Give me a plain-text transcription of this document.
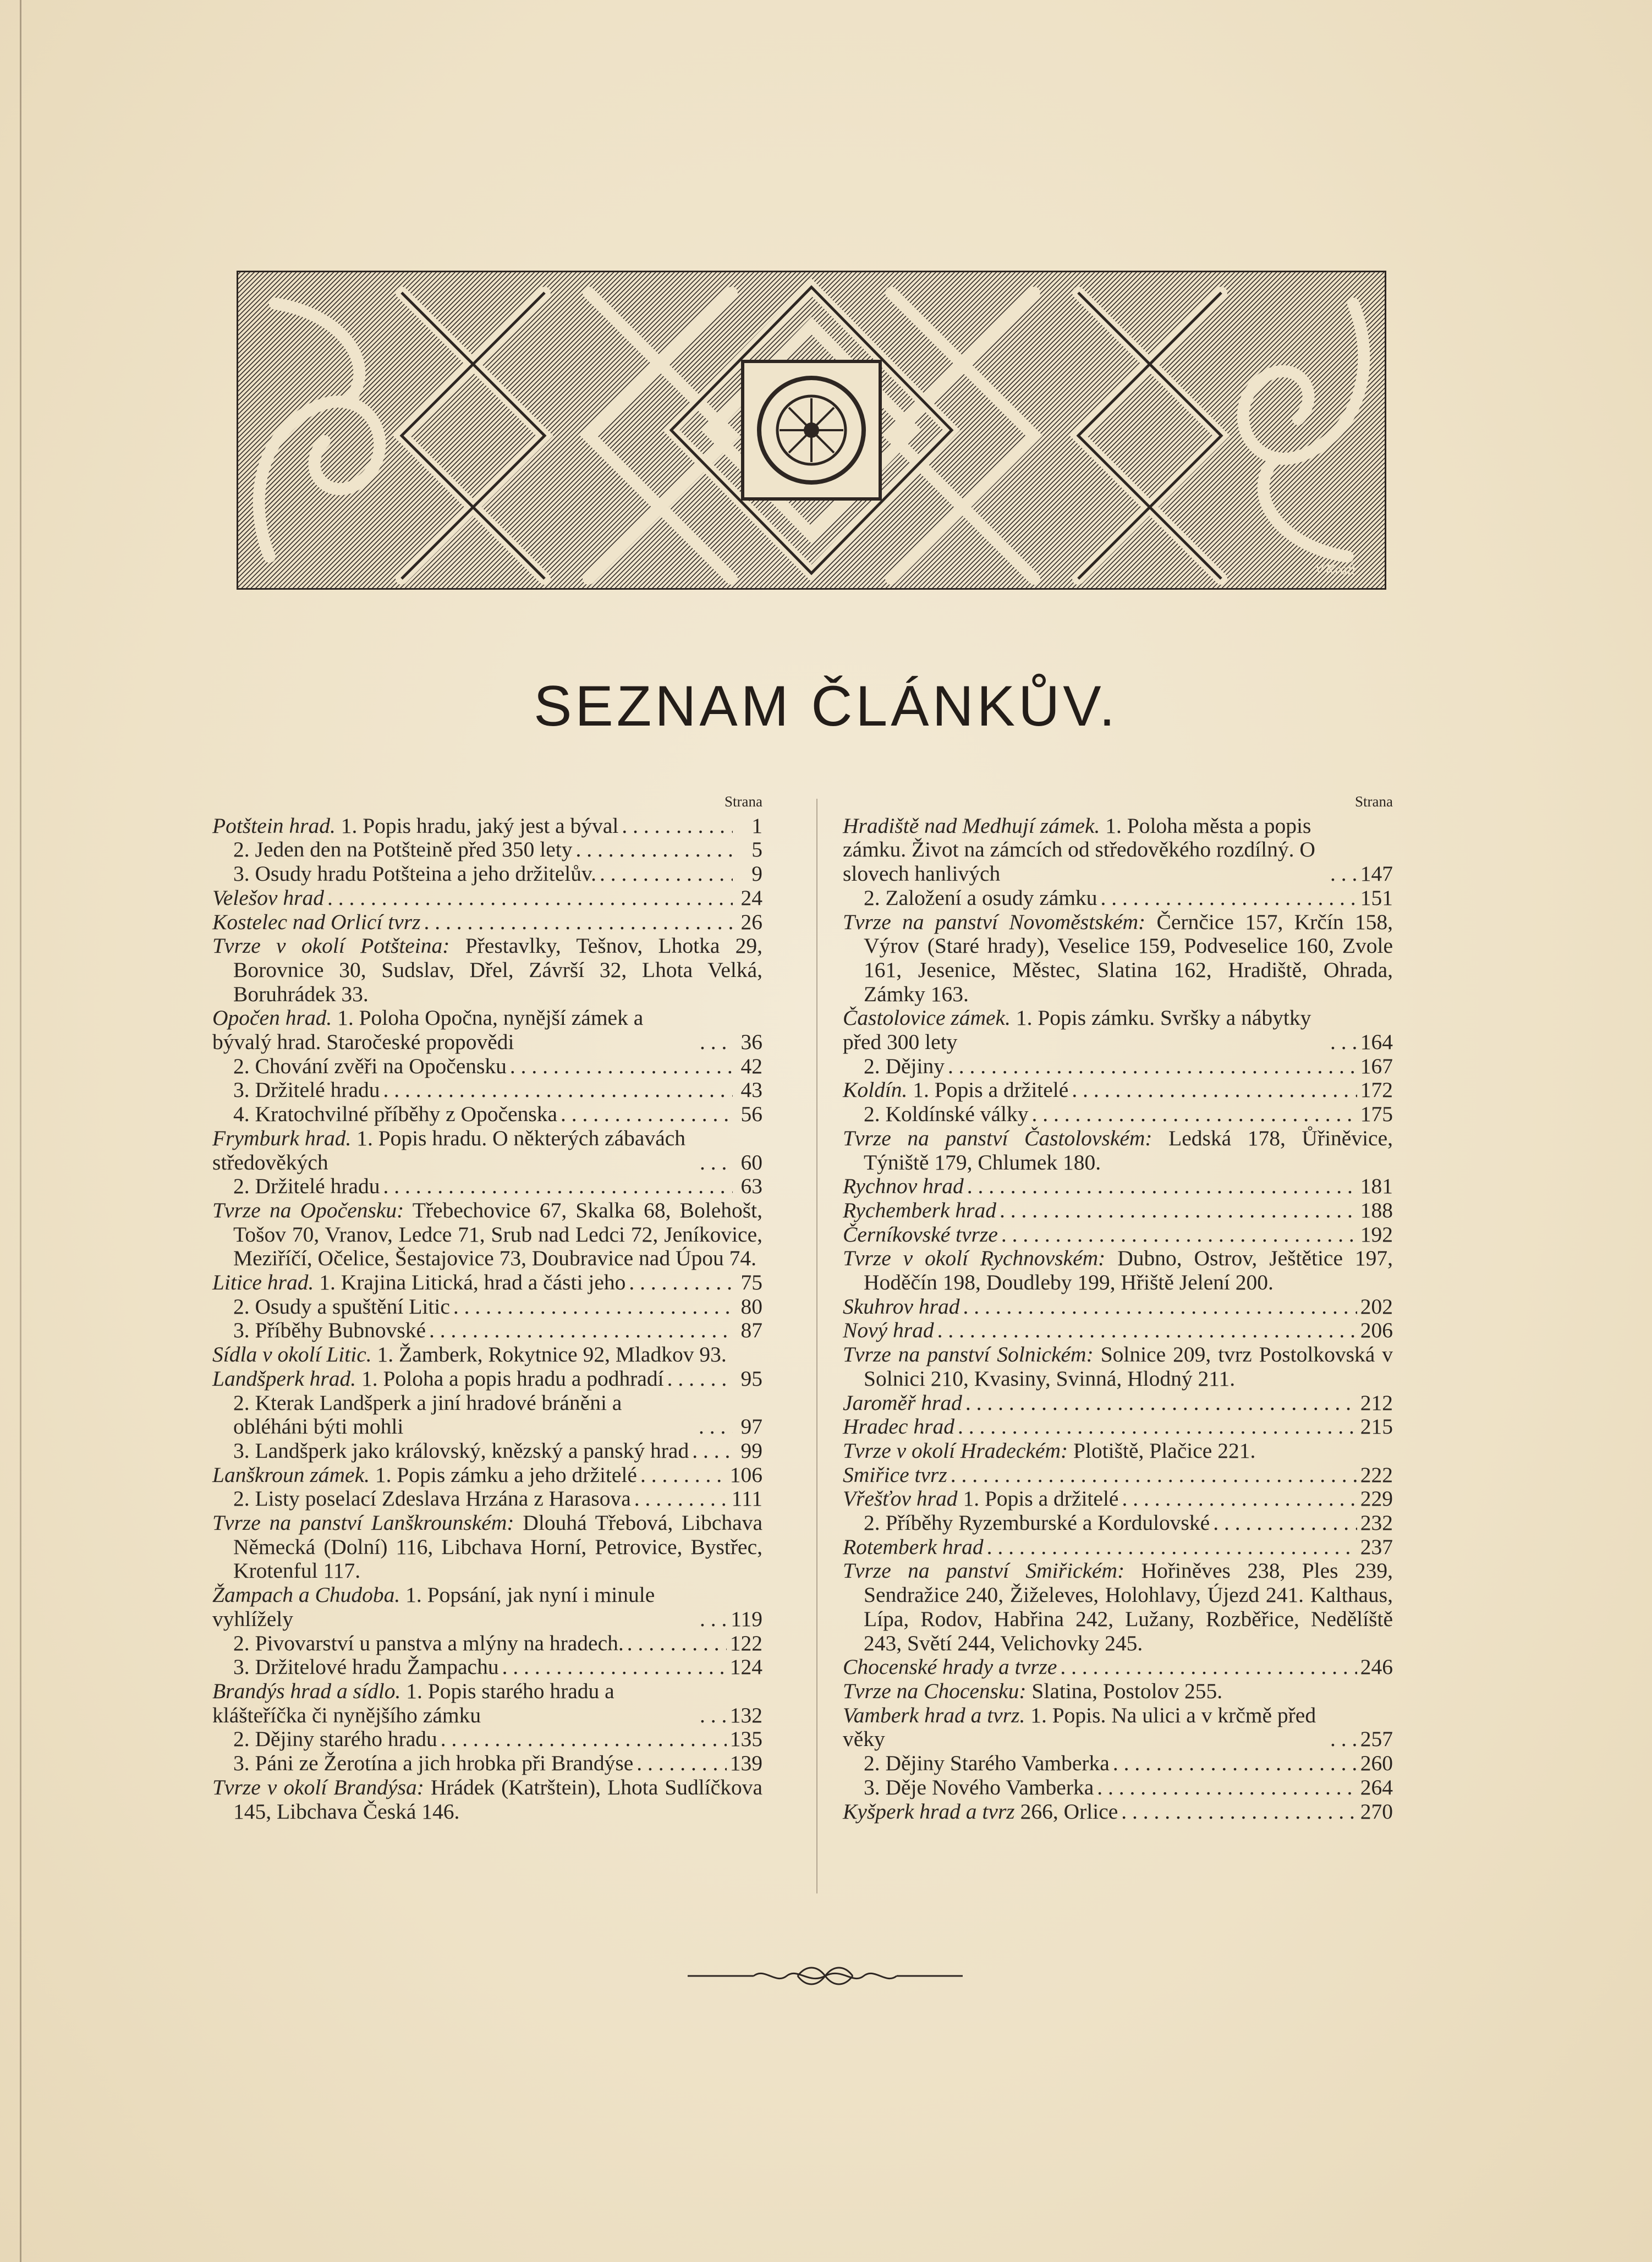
V.Kraft
SEZNAM ČLÁNKŮV.
Strana
Potštein hrad. 1. Popis hradu, jaký jest a býval . . .	1
2. Jeden den na Potšteině před 350 lety . . .	5
3. Osudy hradu Potšteina a jeho držitelův. . . .	9
Velešov hrad . . .	24
Kostelec nad Orlicí tvrz . . .	26
Tvrze v okolí Potšteina: Přestavlky, Tešnov, Lhotka 29, Borovnice 30, Sudslav, Dřel, Závrší 32, Lhota Velká, Boruhrádek 33.
Opočen hrad. 1. Poloha Opočna, nynější zámek a bývalý hrad. Staročeské propovědi . . .	36
2. Chování zvěři na Opočensku . . .	42
3. Držitelé hradu . . .	43
4. Kratochvilné příběhy z Opočenska . . .	56
Frymburk hrad. 1. Popis hradu. O některých zábavách středověkých . . .	60
2. Držitelé hradu . . .	63
Tvrze na Opočensku: Třebechovice 67, Skalka 68, Bolehošt, Tošov 70, Vranov, Ledce 71, Srub nad Ledci 72, Jeníkovice, Meziříčí, Očelice, Šestajovice 73, Doubravice nad Úpou 74.
Litice hrad. 1. Krajina Litická, hrad a části jeho . . .	75
2. Osudy a spuštění Litic . . .	80
3. Příběhy Bubnovské . . .	87
Sídla v okolí Litic. 1. Žamberk, Rokytnice 92, Mladkov 93.
Landšperk hrad. 1. Poloha a popis hradu a podhradí . . .	95
2. Kterak Landšperk a jiní hradové bráněni a obléháni býti mohli . . .	97
3. Landšperk jako královský, knězský a panský hrad . . . 99
Lanškroun zámek. 1. Popis zámku a jeho držitelé . . .	106
2. Listy poselací Zdeslava Hrzána z Harasova . . .	111
Tvrze na panství Lanškrounském: Dlouhá Třebová, Libchava Německá (Dolní) 116, Libchava Horní, Petrovice, Bystřec, Krotenful 117.
Žampach a Chudoba. 1. Popsání, jak nyní i minule vyhlížely . . .	119
2. Pivovarství u panstva a mlýny na hradech. . . .	122
3. Držitelové hradu Žampachu . . .	124
Brandýs hrad a sídlo. 1. Popis starého hradu a klášteříčka či nynějšího zámku . . .	132
2. Dějiny starého hradu . . .	135
3. Páni ze Žerotína a jich hrobka při Brandýse . . .	139
Tvrze v okolí Brandýsa: Hrádek (Katrštein), Lhota Sudlíčkova 145, Libchava Česká 146.
Strana
Hradiště nad Medhují zámek. 1. Poloha města a popis zámku. Život na zámcích od středověkého rozdílný. O slovech hanlivých . . .	147
2. Založení a osudy zámku . . .	151
Tvrze na panství Novoměstském: Černčice 157, Krčín 158, Výrov (Staré hrady), Veselice 159, Podveselice 160, Zvole 161, Jesenice, Městec, Slatina 162, Hradiště, Ohrada, Zámky 163.
Častolovice zámek. 1. Popis zámku. Svršky a nábytky před 300 lety . . .	164
2. Dějiny . . .	167
Koldín. 1. Popis a držitelé . . .	172
2. Koldínské války . . .	175
Tvrze na panství Častolovském: Ledská 178, Ůřiněvice, Týniště 179, Chlumek 180.
Rychnov hrad . . .	181
Rychemberk hrad . . .	188
Černíkovské tvrze . . .	192
Tvrze v okolí Rychnovském: Dubno, Ostrov, Ještětice 197, Hoděčín 198, Doudleby 199, Hřiště Jelení 200.
Skuhrov hrad . . .	202
Nový hrad . . .	206
Tvrze na panství Solnickém: Solnice 209, tvrz Postolkovská v Solnici 210, Kvasiny, Svinná, Hlodný 211.
Jaroměř hrad . . .	212
Hradec hrad . . .	215
Tvrze v okolí Hradeckém: Plotiště, Plačice 221.
Smiřice tvrz . . .	222
Vřešťov hrad 1. Popis a držitelé . . .	229
2. Příběhy Ryzemburské a Kordulovské . . .	232
Rotemberk hrad . . .	237
Tvrze na panství Smiřickém: Hořiněves 238, Ples 239, Sendražice 240, Žiželeves, Holohlavy, Újezd 241. Kalthaus, Lípa, Rodov, Habřina 242, Lužany, Rozběřice, Nedělíště 243, Světí 244, Velichovky 245.
Chocenské hrady a tvrze . . .	246
Tvrze na Chocensku: Slatina, Postolov 255.
Vamberk hrad a tvrz. 1. Popis. Na ulici a v krčmě před věky . . .	257
2. Dějiny Starého Vamberka . . .	260
3. Děje Nového Vamberka . . .	264
Kyšperk hrad a tvrz 266, Orlice . . .	270
